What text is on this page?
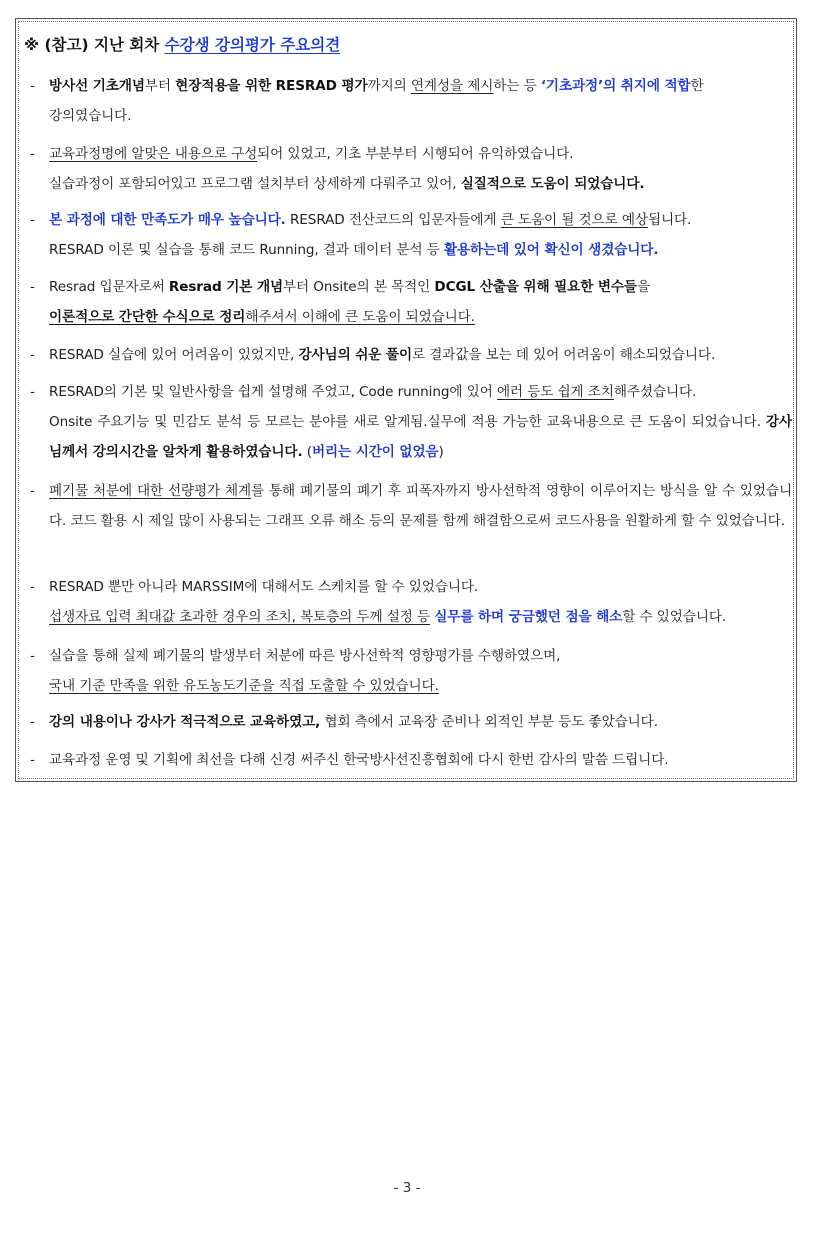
※ (참고) 지난 회차 수강생 강의평가 주요의견
- 방사선 기초개념부터 현장적용을 위한 RESRAD 평가까지의 연계성을 제시하는 등 ‘기초과정’의 취지에 적합한
강의였습니다.
- 교육과정명에 알맞은 내용으로 구성되어 있었고, 기초 부분부터 시행되어 유익하였습니다.
실습과정이 포함되어있고 프로그램 설치부터 상세하게 다뤄주고 있어, 실질적으로 도움이 되었습니다.
- 본 과정에 대한 만족도가 매우 높습니다. RESRAD 전산코드의 입문자들에게 큰 도움이 될 것으로 예상됩니다.
RESRAD 이론 및 실습을 통해 코드 Running, 결과 데이터 분석 등 활용하는데 있어 확신이 생겼습니다.
- Resrad 입문자로써 Resrad 기본 개념부터 Onsite의 본 목적인 DCGL 산출을 위해 필요한 변수들을
이론적으로 간단한 수식으로 정리해주셔서 이해에 큰 도움이 되었습니다.
- RESRAD 실습에 있어 어려움이 있었지만, 강사님의 쉬운 풀이로 결과값을 보는 데 있어 어려움이 해소되었습니다.
- RESRAD의 기본 및 일반사항을 쉽게 설명해 주었고, Code running에 있어 에러 등도 쉽게 조치해주셨습니다.
Onsite 주요기능 및 민감도 분석 등 모르는 분야를 새로 알게됨.실무에 적용 가능한 교육내용으로 큰 도움이 되었습니다. 강사님께서 강의시간을 알차게 활용하였습니다. (버리는 시간이 없었음)
- 폐기물 처분에 대한 선량평가 체계를 통해 폐기물의 폐기 후 피폭자까지 방사선학적 영향이 이루어지는 방식을 알 수 있었습니다. 코드 활용 시 제일 많이 사용되는 그래프 오류 해소 등의 문제를 함께 해결함으로써 코드사용을 원활하게 할 수 있었습니다.
- RESRAD 뿐만 아니라 MARSSIM에 대해서도 스케치를 할 수 있었습니다.
섭생자료 입력 최대값 초과한 경우의 조치, 복토층의 두께 설정 등 실무를 하며 궁금했던 점을 해소할 수 있었습니다.
- 실습을 통해 실제 폐기물의 발생부터 처분에 따른 방사선학적 영향평가를 수행하였으며,
국내 기준 만족을 위한 유도농도기준을 직접 도출할 수 있었습니다.
- 강의 내용이나 강사가 적극적으로 교육하였고, 협회 측에서 교육장 준비나 외적인 부분 등도 좋았습니다.
- 교육과정 운영 및 기획에 최선을 다해 신경 써주신 한국방사선진흥협회에 다시 한번 감사의 말씀 드립니다.
- 3 -
